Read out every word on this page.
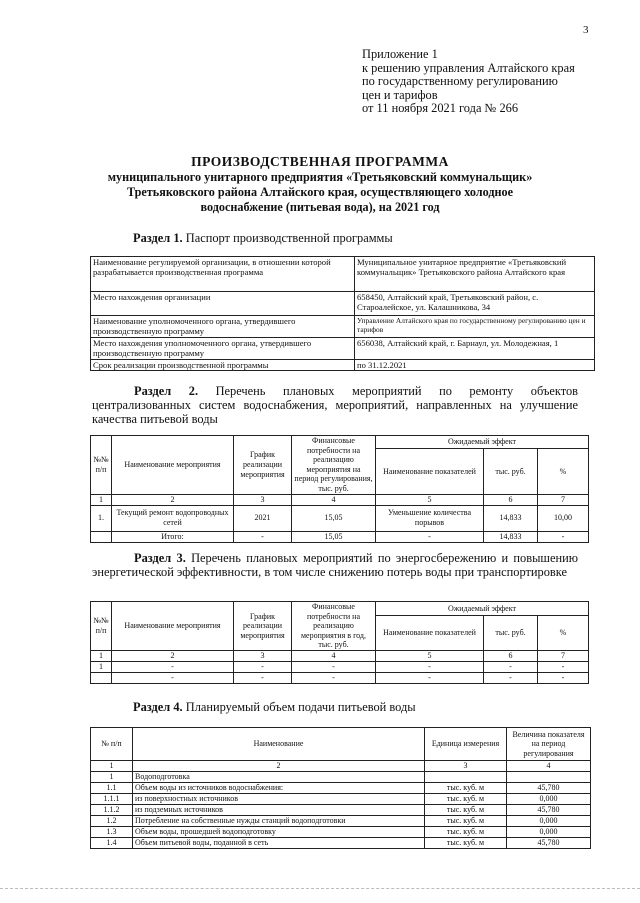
3
Приложение 1
к решению управления Алтайского края
по государственному регулированию
цен и тарифов
от 11 ноября 2021 года № 266
ПРОИЗВОДСТВЕННАЯ ПРОГРАММА
муниципального унитарного предприятия «Третьяковский коммунальщик»
Третьяковского района Алтайского края, осуществляющего холодное
водоснабжение (питьевая вода), на 2021 год
Раздел 1. Паспорт производственной программы
Наименование регулируемой организации, в отношении которой разрабатывается производственная программа	Муниципальное унитарное предприятие «Третьяковский коммунальщик» Третьяковского района Алтайского края
Место нахождения организации	658450, Алтайский край, Третьяковский район, с. Староалейское, ул. Калашникова, 34
Наименование уполномоченного органа, утвердившего производственную программу	Управление Алтайского края по государственному регулированию цен и тарифов
Место нахождения уполномоченного органа, утвердившего производственную программу	656038, Алтайский край, г. Барнаул, ул. Молодежная, 1
Срок реализации производственной программы	по 31.12.2021

Раздел 2. Перечень плановых мероприятий по ремонту объектов централизованных систем водоснабжения, мероприятий, направленных на улучшение качества питьевой воды

№№ п/п	Наименование мероприятия	График реализации мероприятия	Финансовые потребности на реализацию мероприятия на период регулирования, тыс. руб.	Ожидаемый эффект		
				Наименование показателей	тыс. руб.	%
1	2	3	4	5	6	7
1.	Текущий ремонт водопроводных сетей	2021	15,05	Уменьшение количества порывов	14,833	10,00
	Итого:	-	15,05	-	14,833	-

Раздел 3. Перечень плановых мероприятий по энергосбережению и повышению энергетической эффективности, в том числе снижению потерь воды при транспортировке

№№ п/п	Наименование мероприятия	График реализации мероприятия	Финансовые потребности на реализацию мероприятия в год, тыс. руб.	Ожидаемый эффект		
				Наименование показателей	тыс. руб.	%
1	2	3	4	5	6	7
1	-	-	-	-	-	-
	-	-	-	-	-	-
Раздел 4. Планируемый объем подачи питьевой воды
№ п/п	Наименование	Единица измерения	Величина показателя на период регулирования
1	2	3	4
1	Водоподготовка		
1.1	Объем воды из источников водоснабжения:	тыс. куб. м	45,780
1.1.1	из поверхностных источников	тыс. куб. м	0,000
1.1.2	из подземных источников	тыс. куб. м	45,780
1.2	Потребление на собственные нужды станций водоподготовки	тыс. куб. м	0,000
1.3	Объем воды, прошедшей водоподготовку	тыс. куб. м	0,000
1.4	Объем питьевой воды, поданной в сеть	тыс. куб. м	45,780
